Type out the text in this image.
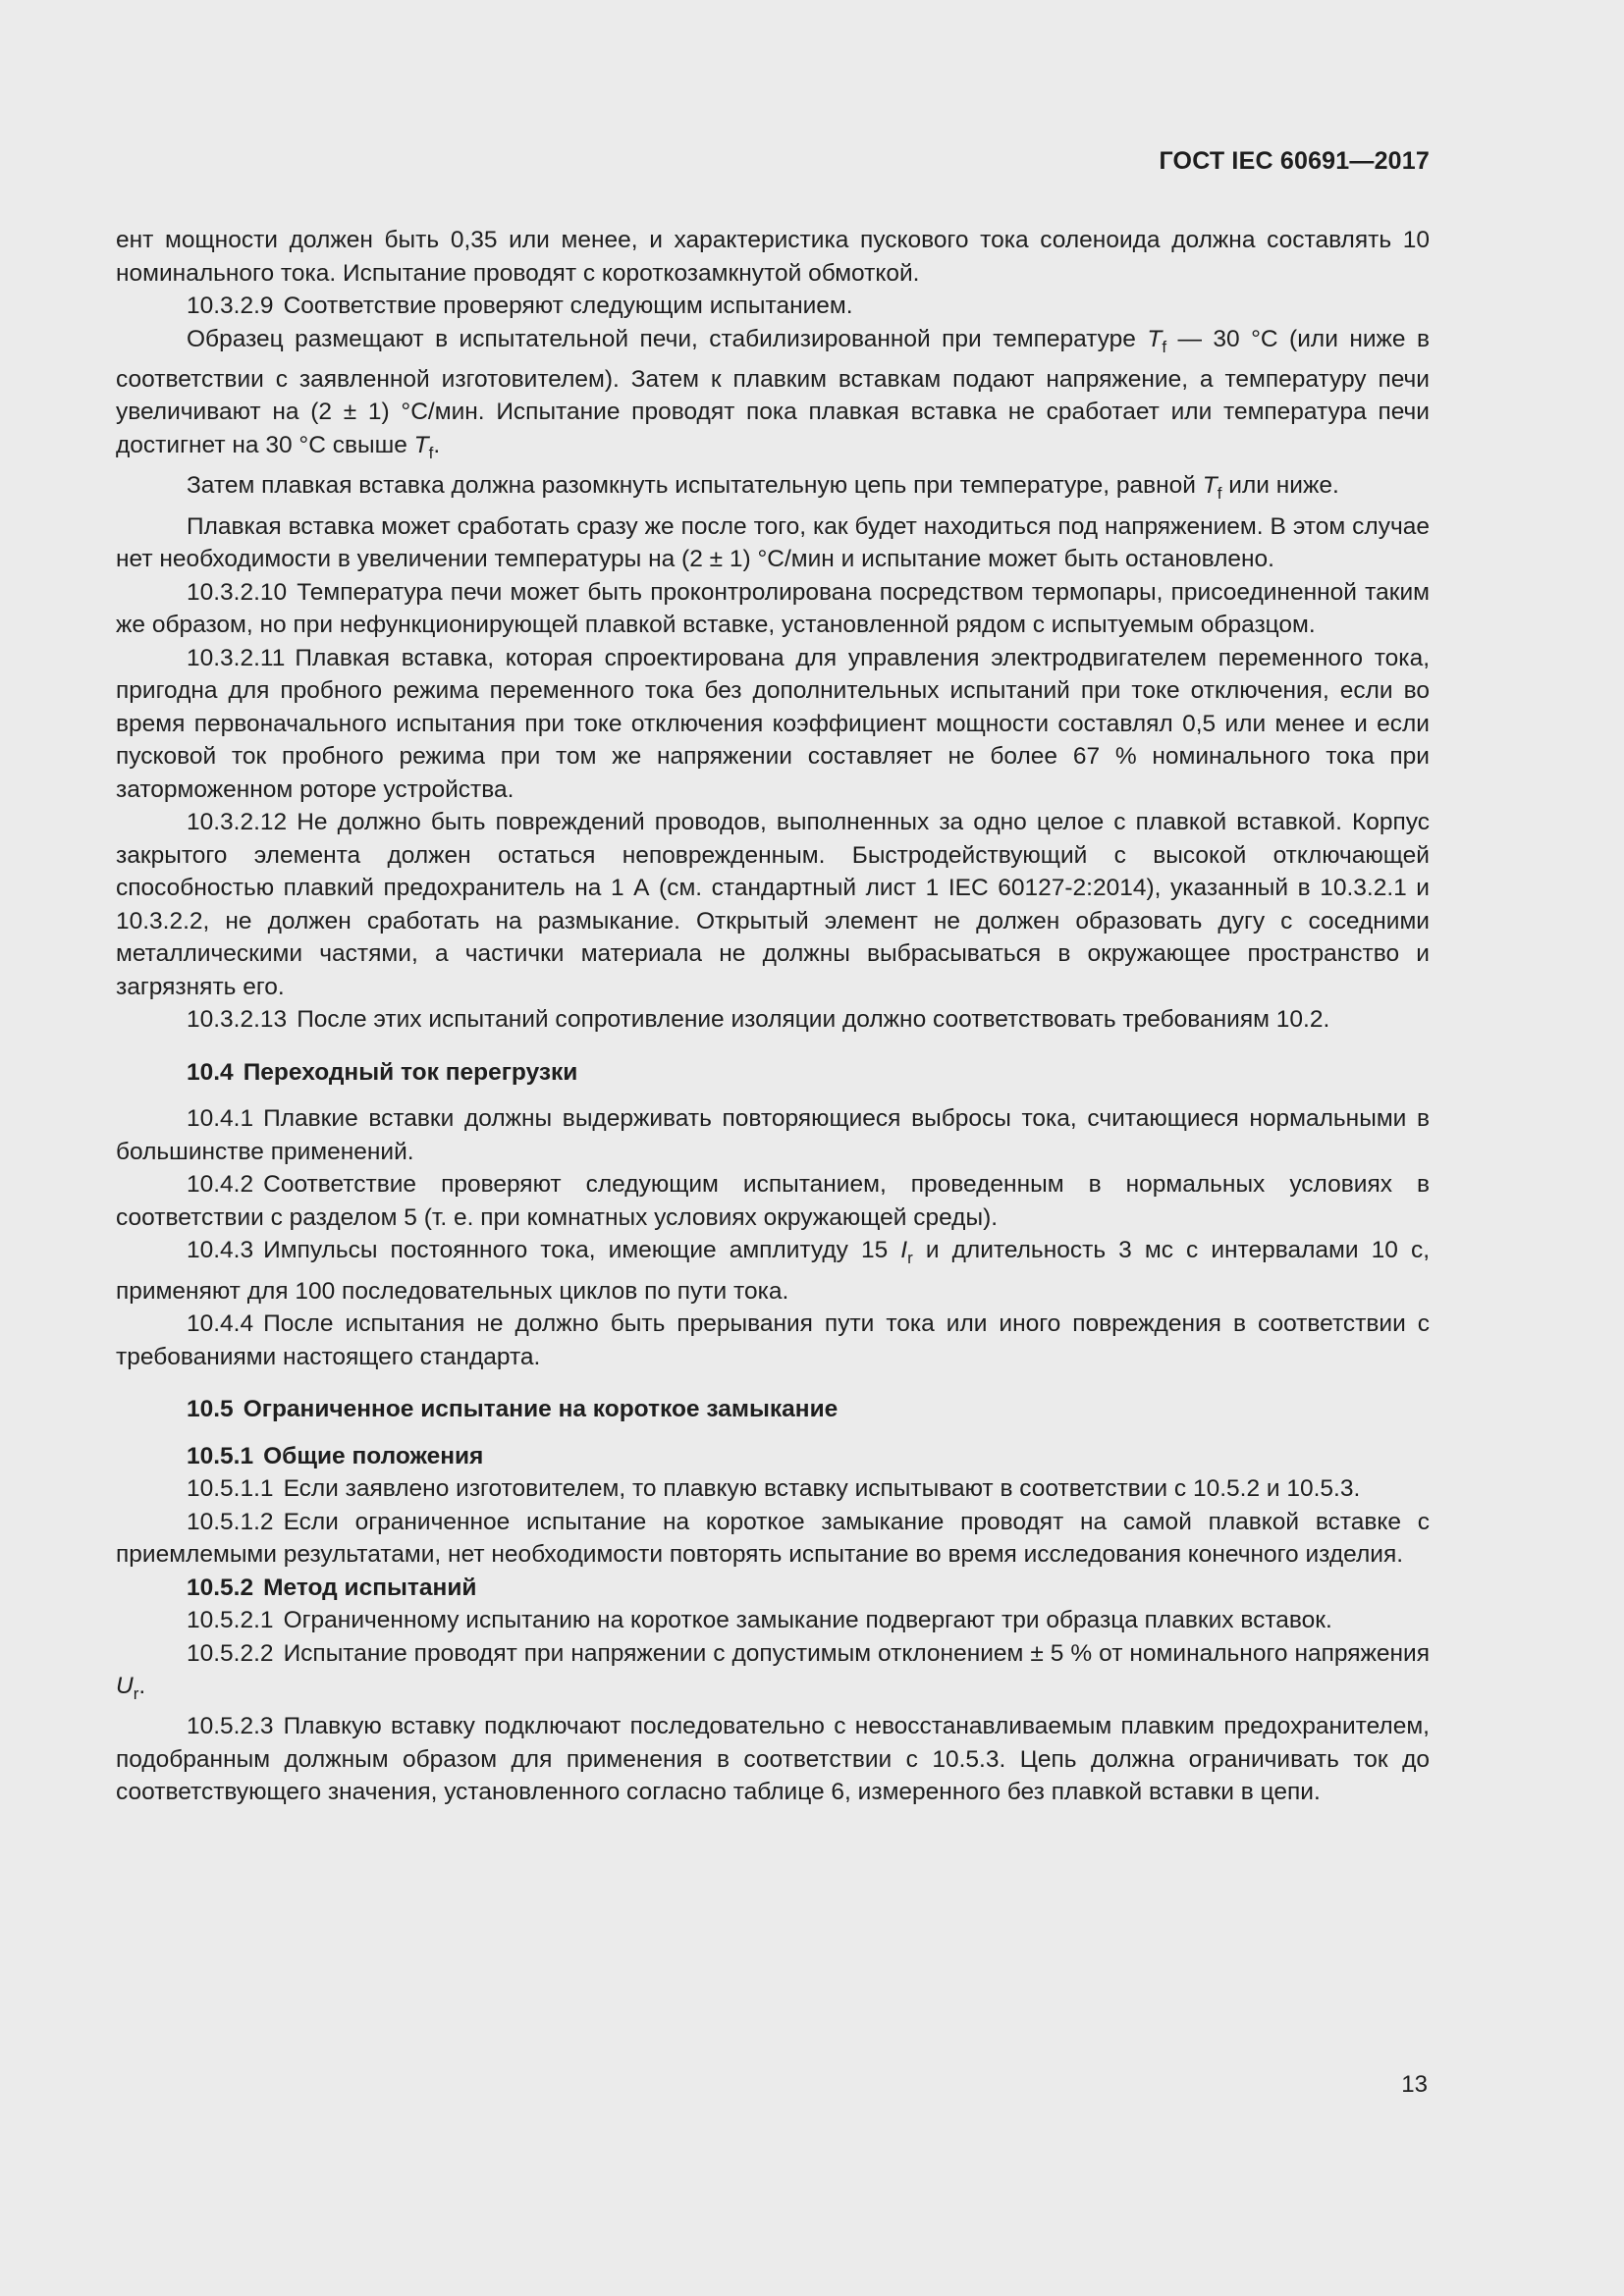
ГОСТ IEC 60691—2017

ент мощности должен быть 0,35 или менее, и характеристика пускового тока соленоида должна составлять 10 номинального тока. Испытание проводят с короткозамкнутой обмоткой.

10.3.2.9 Соответствие проверяют следующим испытанием.

Образец размещают в испытательной печи, стабилизированной при температуре $T_f$ — 30 °С (или ниже в соответствии с заявленной изготовителем). Затем к плавким вставкам подают напряжение, а температуру печи увеличивают на (2 ± 1) °С/мин. Испытание проводят пока плавкая вставка не сработает или температура печи достигнет на 30 °С свыше $T_f$.

Затем плавкая вставка должна разомкнуть испытательную цепь при температуре, равной $T_f$ или ниже.

Плавкая вставка может сработать сразу же после того, как будет находиться под напряжением. В этом случае нет необходимости в увеличении температуры на (2 ± 1) °С/мин и испытание может быть остановлено.

10.3.2.10 Температура печи может быть проконтролирована посредством термопары, присоединенной таким же образом, но при нефункционирующей плавкой вставке, установленной рядом с испытуемым образцом.

10.3.2.11 Плавкая вставка, которая спроектирована для управления электродвигателем переменного тока, пригодна для пробного режима переменного тока без дополнительных испытаний при токе отключения, если во время первоначального испытания при токе отключения коэффициент мощности составлял 0,5 или менее и если пусковой ток пробного режима при том же напряжении составляет не более 67 % номинального тока при заторможенном роторе устройства.

10.3.2.12 Не должно быть повреждений проводов, выполненных за одно целое с плавкой вставкой. Корпус закрытого элемента должен остаться неповрежденным. Быстродействующий с высокой отключающей способностью плавкий предохранитель на 1 А (см. стандартный лист 1 IEC 60127-2:2014), указанный в 10.3.2.1 и 10.3.2.2, не должен сработать на размыкание. Открытый элемент не должен образовать дугу с соседними металлическими частями, а частички материала не должны выбрасываться в окружающее пространство и загрязнять его.

10.3.2.13 После этих испытаний сопротивление изоляции должно соответствовать требованиям 10.2.

10.4 Переходный ток перегрузки

10.4.1 Плавкие вставки должны выдерживать повторяющиеся выбросы тока, считающиеся нормальными в большинстве применений.

10.4.2 Соответствие проверяют следующим испытанием, проведенным в нормальных условиях в соответствии с разделом 5 (т. е. при комнатных условиях окружающей среды).

10.4.3 Импульсы постоянного тока, имеющие амплитуду 15 $I_r$ и длительность 3 мс с интервалами 10 с, применяют для 100 последовательных циклов по пути тока.

10.4.4 После испытания не должно быть прерывания пути тока или иного повреждения в соответствии с требованиями настоящего стандарта.

10.5 Ограниченное испытание на короткое замыкание
10.5.1 Общие положения

10.5.1.1 Если заявлено изготовителем, то плавкую вставку испытывают в соответствии с 10.5.2 и 10.5.3.

10.5.1.2 Если ограниченное испытание на короткое замыкание проводят на самой плавкой вставке с приемлемыми результатами, нет необходимости повторять испытание во время исследования конечного изделия.

10.5.2 Метод испытаний

10.5.2.1 Ограниченному испытанию на короткое замыкание подвергают три образца плавких вставок.

10.5.2.2 Испытание проводят при напряжении с допустимым отклонением ± 5 % от номинального напряжения $U_r$.

10.5.2.3 Плавкую вставку подключают последовательно с невосстанавливаемым плавким предохранителем, подобранным должным образом для применения в соответствии с 10.5.3. Цепь должна ограничивать ток до соответствующего значения, установленного согласно таблице 6, измеренного без плавкой вставки в цепи.

13
